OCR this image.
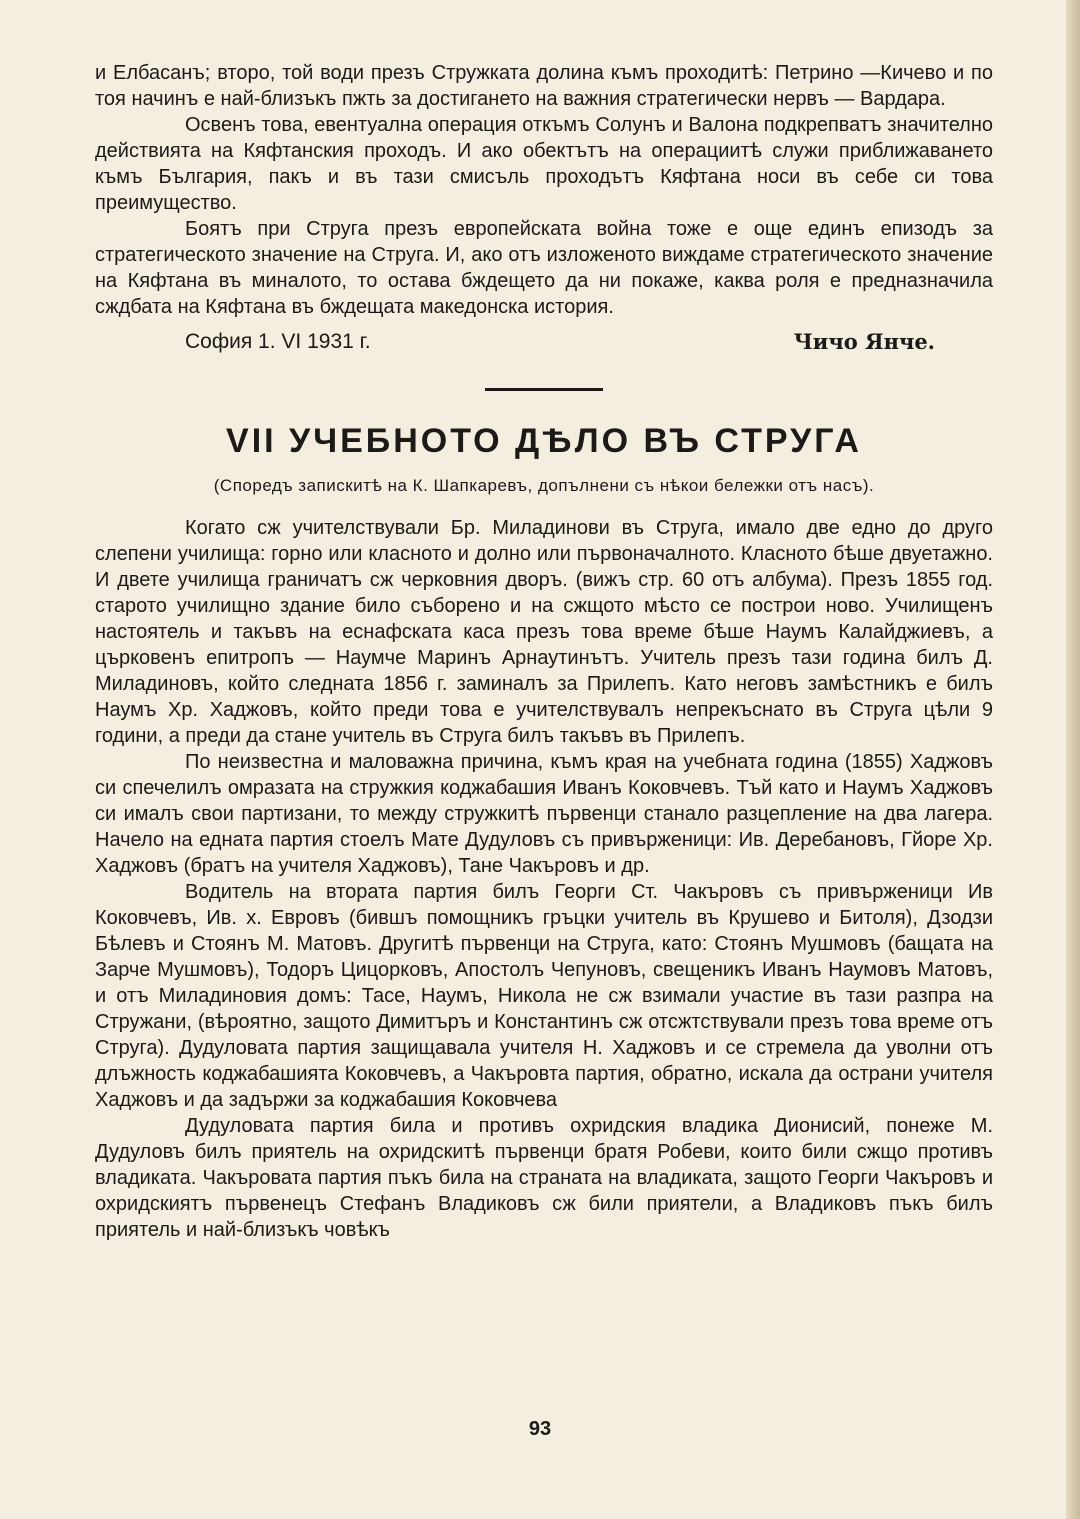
и Елбасанъ; второ, той води презъ Стружката долина къмъ проходитѣ: Петрино —Кичево и по тоя начинъ е най-близъкъ пжть за достигането на важния стратегически нервъ — Вардара.

Освенъ това, евентуална операция откъмъ Солунъ и Валона подкрепватъ значително действията на Кяфтанския проходъ. И ако обектътъ на операциитѣ служи приближаването къмъ България, пакъ и въ тази смисъль проходътъ Кяфтана носи въ себе си това преимущество.

Боятъ при Струга презъ европейската война тоже е още единъ епизодъ за стратегическото значение на Струга. И, ако отъ изложеното виждаме стратегическото значение на Кяфтана въ миналото, то остава бждещето да ни покаже, каква роля е предназначила сждбата на Кяфтана въ бждещата македонска история.

София 1. VI 1931 г.	Чичо Янче.
VII УЧЕБНОТО ДѢЛО ВЪ СТРУГА

(Споредъ запискитѣ на К. Шапкаревъ, допълнени съ нѣкои бележки отъ насъ).

Когато сж учителствували Бр. Миладинови въ Струга, имало две едно до друго слепени училища: горно или класното и долно или първоначалното. Класното бѣше двуетажно. И двете училища граничатъ сж черковния дворъ. (вижъ стр. 60 отъ албума). Презъ 1855 год. старото училищно здание било съборено и на сжщото мѣсто се построи ново. Училищенъ настоятель и такъвъ на еснафската каса презъ това време бѣше Наумъ Калайджиевъ, а църковенъ епитропъ — Наумче Маринъ Арнаутинътъ. Учитель презъ тази година билъ Д. Миладиновъ, който следната 1856 г. заминалъ за Прилепъ. Като неговъ замѣстникъ е билъ Наумъ Хр. Хаджовъ, който преди това е учителствувалъ непрекъснато въ Струга цѣли 9 години, а преди да стане учитель въ Струга билъ такъвъ въ Прилепъ.

По неизвестна и маловажна причина, къмъ края на учебната година (1855) Хаджовъ си спечелилъ омразата на стружкия коджабашия Иванъ Коковчевъ. Тъй като и Наумъ Хаджовъ си ималъ свои партизани, то между стружкитѣ първенци станало разцепление на два лагера. Начело на едната партия стоелъ Мате Дудуловъ съ привърженици: Ив. Деребановъ, Гйоре Хр. Хаджовъ (братъ на учителя Хаджовъ), Тане Чакъровъ и др.

Водитель на втората партия билъ Георги Ст. Чакъровъ съ привърженици Ив Коковчевъ, Ив. х. Евровъ (бившъ помощникъ гръцки учитель въ Крушево и Битоля), Дзодзи Бѣлевъ и Стоянъ М. Матовъ. Другитѣ първенци на Струга, като: Стоянъ Мушмовъ (бащата на Зарче Мушмовъ), Тодоръ Цицорковъ, Апостолъ Чепуновъ, свещеникъ Иванъ Наумовъ Матовъ, и отъ Миладиновия домъ: Тасе, Наумъ, Никола не сж взимали участие въ тази разпра на Стружани, (вѣроятно, защото Димитъръ и Константинъ сж отсжтствували презъ това време отъ Струга). Дудуловата партия защищавала учителя Н. Хаджовъ и се стремела да уволни отъ длъжность коджабашията Коковчевъ, а Чакъровта партия, обратно, искала да острани учителя Хаджовъ и да задържи за коджабашия Коковчева

Дудуловата партия била и противъ охридския владика Дионисий, понеже М. Дудуловъ билъ приятель на охридскитѣ първенци братя Робеви, които били сжщо противъ владиката. Чакъровата партия пъкъ била на страната на владиката, защото Георги Чакъровъ и охридскиятъ първенецъ Стефанъ Владиковъ сж били приятели, а Владиковъ пъкъ билъ приятель и най-близъкъ човѣкъ

93
